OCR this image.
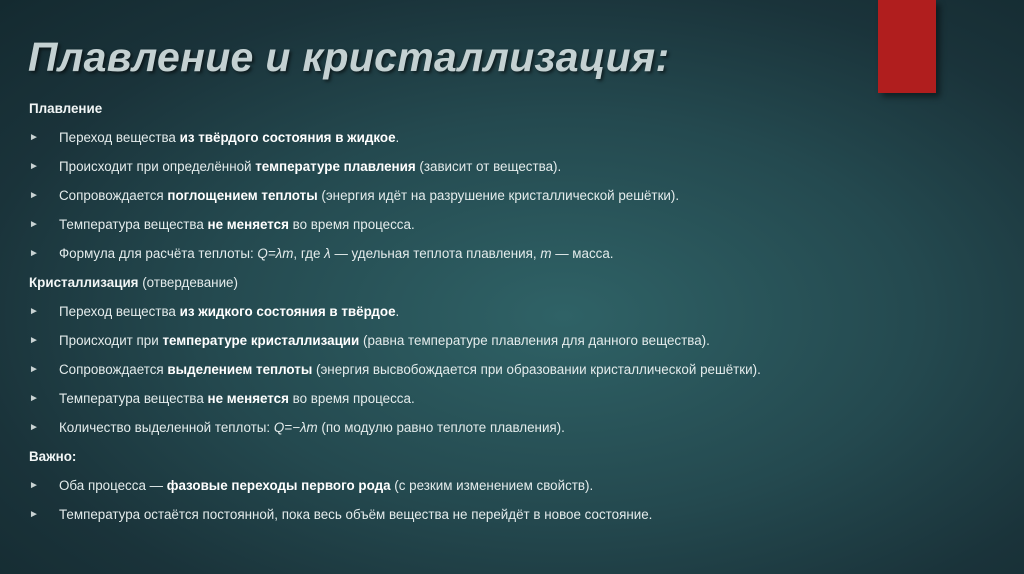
Плавление и кристаллизация:
Плавление
► Переход вещества из твёрдого состояния в жидкое.
► Происходит при определённой температуре плавления (зависит от вещества).
► Сопровождается поглощением теплоты (энергия идёт на разрушение кристаллической решётки).
► Температура вещества не меняется во время процесса.
► Формула для расчёта теплоты: Q=λm, где λ — удельная теплота плавления, m — масса.
Кристаллизация (отвердевание)
► Переход вещества из жидкого состояния в твёрдое.
► Происходит при температуре кристаллизации (равна температуре плавления для данного вещества).
► Сопровождается выделением теплоты (энергия высвобождается при образовании кристаллической решётки).
► Температура вещества не меняется во время процесса.
► Количество выделенной теплоты: Q=−λm (по модулю равно теплоте плавления).
Важно:
► Оба процесса — фазовые переходы первого рода (с резким изменением свойств).
► Температура остаётся постоянной, пока весь объём вещества не перейдёт в новое состояние.
